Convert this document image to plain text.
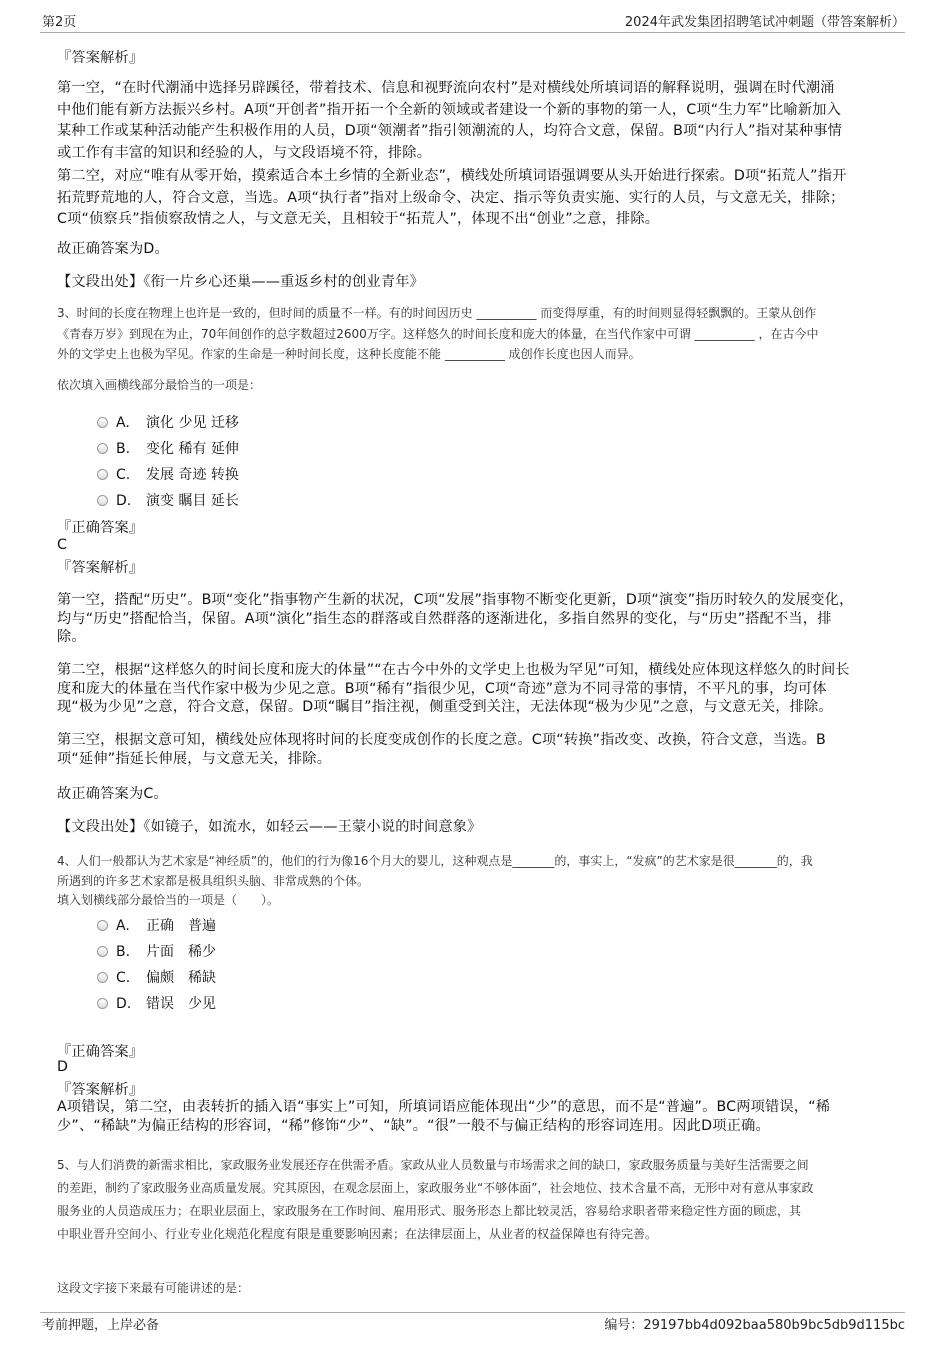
第2页	2024年武发集团招聘笔试冲刺题（带答案解析）
『答案解析』
第一空，“在时代潮涌中选择另辟蹊径，带着技术、信息和视野流向农村”是对横线处所填词语的解释说明，强调在时代潮涌
中他们能有新方法振兴乡村。A项“开创者”指开拓一个全新的领域或者建设一个新的事物的第一人，C项“生力军”比喻新加入
某种工作或某种活动能产生积极作用的人员，D项“领潮者”指引领潮流的人，均符合文意，保留。B项“内行人”指对某种事情
或工作有丰富的知识和经验的人，与文段语境不符，排除。
第二空，对应“唯有从零开始，摸索适合本土乡情的全新业态”，横线处所填词语强调要从头开始进行探索。D项“拓荒人”指开
拓荒野荒地的人，符合文意，当选。A项“执行者”指对上级命令、决定、指示等负责实施、实行的人员，与文意无关，排除；
C项“侦察兵”指侦察敌情之人，与文意无关，且相较于“拓荒人”，体现不出“创业”之意，排除。
故正确答案为D。
【文段出处】《衔一片乡心还巢——重返乡村的创业青年》
3、时间的长度在物理上也许是一致的，但时间的质量不一样。有的时间因历史 __________ 而变得厚重，有的时间则显得轻飘飘的。王蒙从创作
《青春万岁》到现在为止，70年间创作的总字数超过2600万字。这样悠久的时间长度和庞大的体量，在当代作家中可谓 __________ ，在古今中
外的文学史上也极为罕见。作家的生命是一种时间长度，这种长度能不能 __________ 成创作长度也因人而异。
依次填入画横线部分最恰当的一项是：
A. 演化 少见 迁移
B. 变化 稀有 延伸
C. 发展 奇迹 转换
D. 演变 瞩目 延长
『正确答案』
C
『答案解析』
第一空，搭配“历史”。B项“变化”指事物产生新的状况，C项“发展”指事物不断变化更新，D项“演变”指历时较久的发展变化，
均与“历史”搭配恰当，保留。A项“演化”指生态的群落或自然群落的逐渐进化，多指自然界的变化，与“历史”搭配不当，排
除。
第二空，根据“这样悠久的时间长度和庞大的体量”“在古今中外的文学史上也极为罕见”可知，横线处应体现这样悠久的时间长
度和庞大的体量在当代作家中极为少见之意。B项“稀有”指很少见，C项“奇迹”意为不同寻常的事情，不平凡的事，均可体
现“极为少见”之意，符合文意，保留。D项“瞩目”指注视，侧重受到关注，无法体现“极为少见”之意，与文意无关，排除。
第三空，根据文意可知，横线处应体现将时间的长度变成创作的长度之意。C项“转换”指改变、改换，符合文意，当选。B
项“延伸”指延长伸展，与文意无关，排除。
故正确答案为C。
【文段出处】《如镜子，如流水，如轻云——王蒙小说的时间意象》
4、人们一般都认为艺术家是“神经质”的，他们的行为像16个月大的婴儿，这种观点是_______的，事实上，“发疯”的艺术家是很_______的，我
所遇到的许多艺术家都是极具组织头脑、非常成熟的个体。
填入划横线部分最恰当的一项是（　　）。
A. 正确　普遍
B. 片面　稀少
C. 偏颇　稀缺
D. 错误　少见
『正确答案』
D
『答案解析』
A项错误，第二空，由表转折的插入语“事实上”可知，所填词语应能体现出“少”的意思，而不是“普遍”。BC两项错误，“稀
少”、“稀缺”为偏正结构的形容词，“稀”修饰“少”、“缺”。“很”一般不与偏正结构的形容词连用。因此D项正确。
5、与人们消费的新需求相比，家政服务业发展还存在供需矛盾。家政从业人员数量与市场需求之间的缺口，家政服务质量与美好生活需要之间
的差距，制约了家政服务业高质量发展。究其原因，在观念层面上，家政服务业“不够体面”，社会地位、技术含量不高，无形中对有意从事家政
服务业的人员造成压力；在职业层面上，家政服务在工作时间、雇用形式、服务形态上都比较灵活，容易给求职者带来稳定性方面的顾虑，其
中职业晋升空间小、行业专业化规范化程度有限是重要影响因素；在法律层面上，从业者的权益保障也有待完善。
这段文字接下来最有可能讲述的是：
考前押题，上岸必备	编号：29197bb4d092baa580b9bc5db9d115bc
